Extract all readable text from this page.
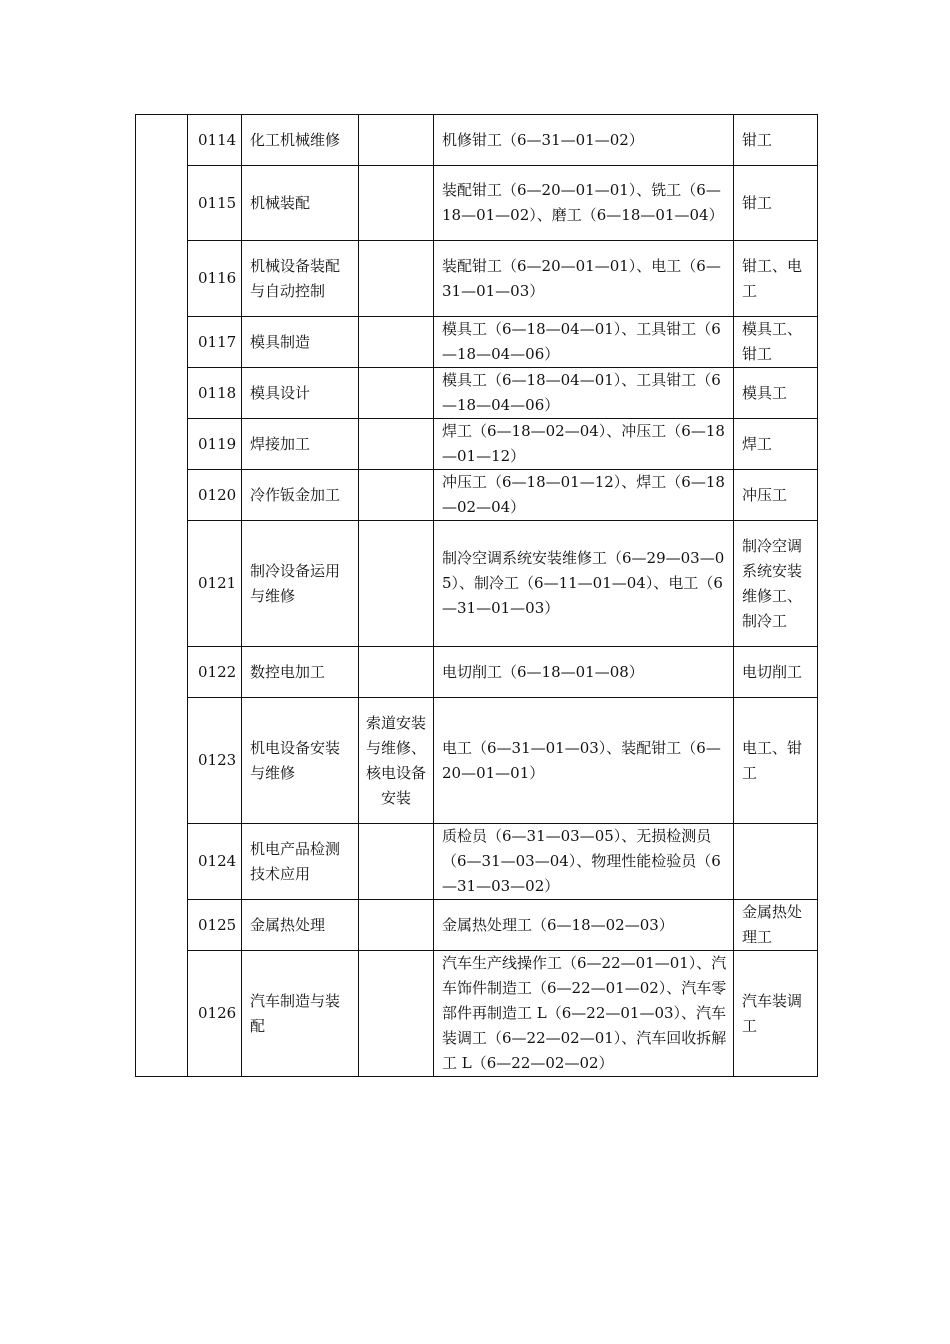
	0114	化工机械维修		机修钳工（6—31—01—02）	钳工
	0115	机械装配		装配钳工（6—20—01—01）、铣工（6—18—01—02）、磨工（6—18—01—04）	钳工
	0116	机械设备装配与自动控制		装配钳工（6—20—01—01）、电工（6—31—01—03）	钳工、电工
	0117	模具制造		模具工（6—18—04—01）、工具钳工（6—18—04—06）	模具工、钳工
	0118	模具设计		模具工（6—18—04—01）、工具钳工（6—18—04—06）	模具工
	0119	焊接加工		焊工（6—18—02—04）、冲压工（6—18—01—12）	焊工
	0120	冷作钣金加工		冲压工（6—18—01—12）、焊工（6—18—02—04）	冲压工
	0121	制冷设备运用与维修		制冷空调系统安装维修工（6—29—03—05）、制冷工（6—11—01—04）、电工（6—31—01—03）	制冷空调系统安装维修工、制冷工
	0122	数控电加工		电切削工（6—18—01—08）	电切削工
	0123	机电设备安装与维修	索道安装与维修、核电设备安装	电工（6—31—01—03）、装配钳工（6—20—01—01）	电工、钳工
	0124	机电产品检测技术应用		质检员（6—31—03—05）、无损检测员（6—31—03—04）、物理性能检验员（6—31—03—02）	
	0125	金属热处理		金属热处理工（6—18—02—03）	金属热处理工
	0126	汽车制造与装配		汽车生产线操作工（6—22—01—01）、汽车饰件制造工（6—22—01—02）、汽车零部件再制造工 L（6—22—01—03）、汽车装调工（6—22—02—01）、汽车回收拆解工 L（6—22—02—02）	汽车装调工
